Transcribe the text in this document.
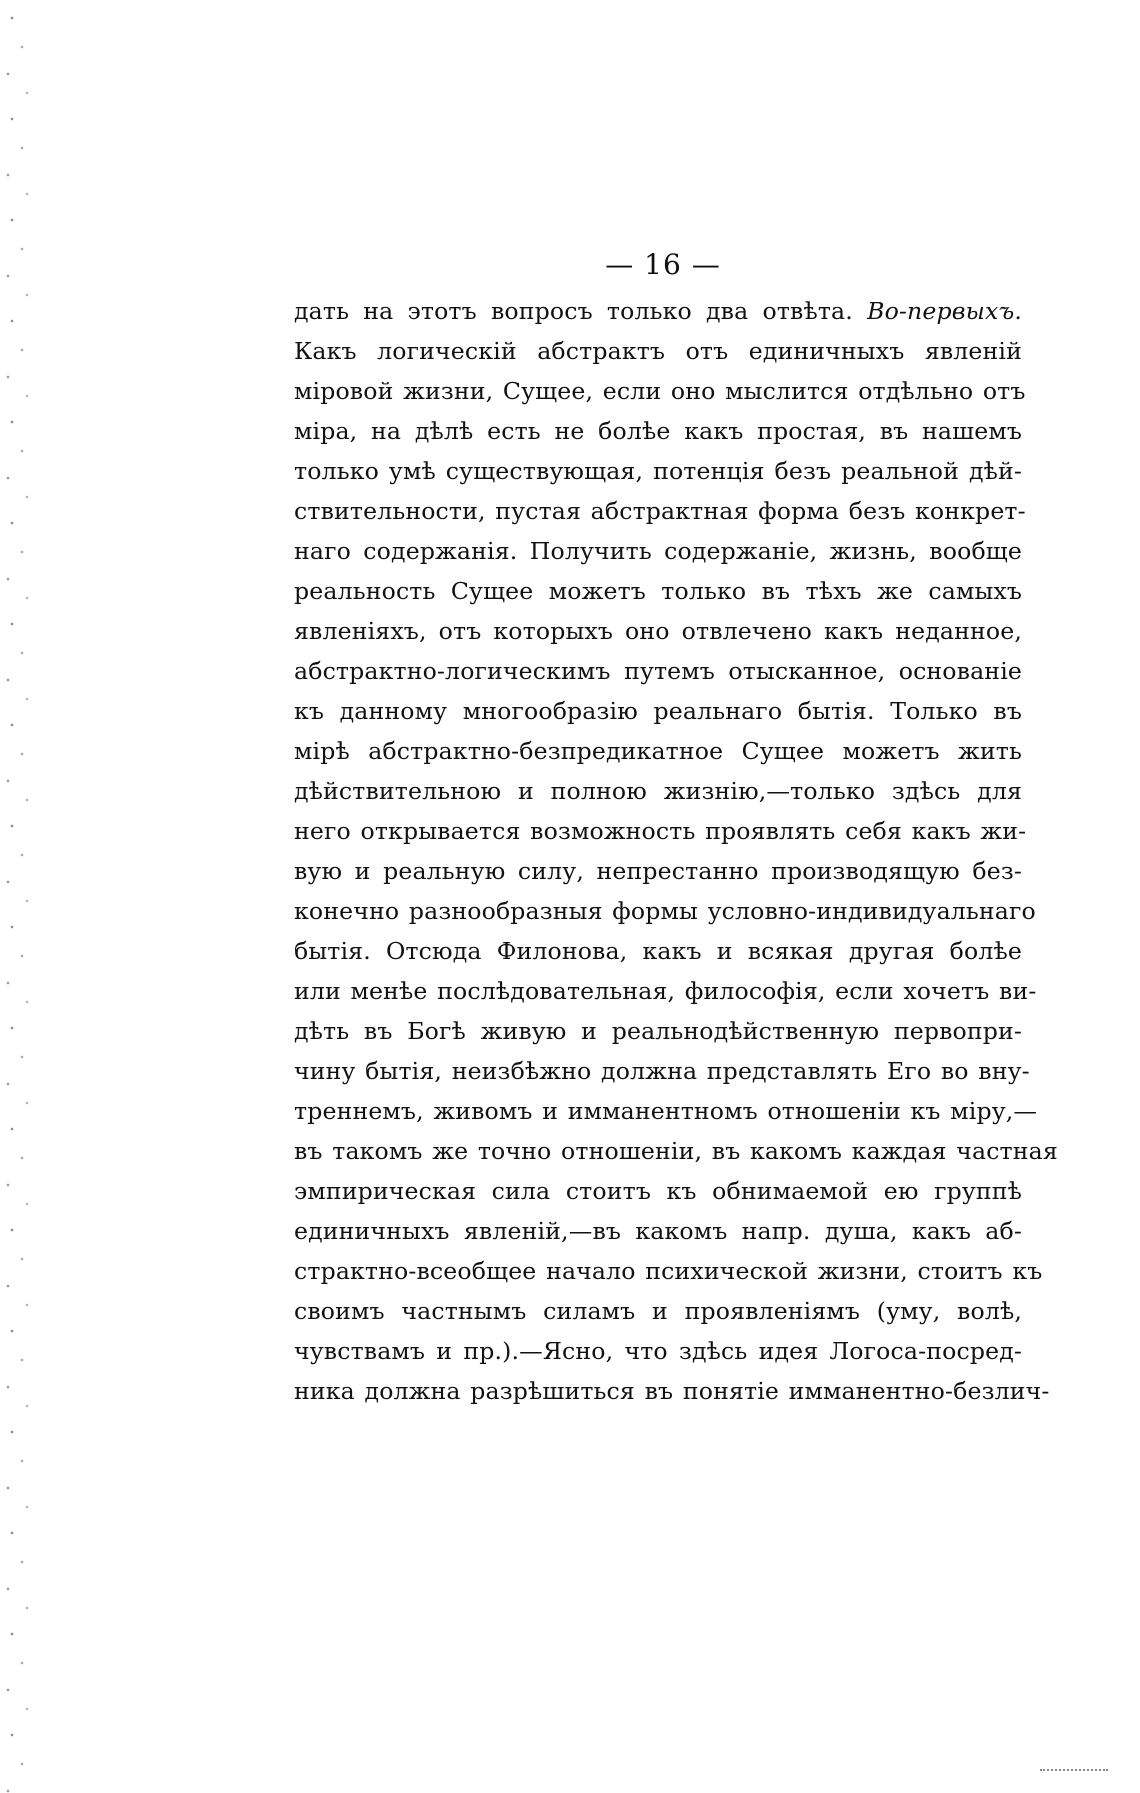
— 16 —
дать на этотъ вопросъ только два отвѣта. Во-первыхъ.
Какъ логическій абстрактъ отъ единичныхъ явленій
міровой жизни, Сущее, если оно мыслится отдѣльно отъ
міра, на дѣлѣ есть не болѣе какъ простая, въ нашемъ
только умѣ существующая, потенція безъ реальной дѣй-
ствительности, пустая абстрактная форма безъ конкрет-
наго содержанія. Получить содержаніе, жизнь, вообще
реальность Сущее можетъ только въ тѣхъ же самыхъ
явленіяхъ, отъ которыхъ оно отвлечено какъ неданное,
абстрактно-логическимъ путемъ отысканное, основаніе
къ данному многообразію реальнаго бытія. Только въ
мірѣ абстрактно-безпредикатное Сущее можетъ жить
дѣйствительною и полною жизнію,—только здѣсь для
него открывается возможность проявлять себя какъ жи-
вую и реальную силу, непрестанно производящую без-
конечно разнообразныя формы условно-индивидуальнаго
бытія. Отсюда Филонова, какъ и всякая другая болѣе
или менѣе послѣдовательная, философія, если хочетъ ви-
дѣть въ Богѣ живую и реальнодѣйственную первопри-
чину бытія, неизбѣжно должна представлять Его во вну-
треннемъ, живомъ и имманентномъ отношеніи къ міру,—
въ такомъ же точно отношеніи, въ какомъ каждая частная
эмпирическая сила стоитъ къ обнимаемой ею группѣ
единичныхъ явленій,—въ какомъ напр. душа, какъ аб-
страктно-всеобщее начало психической жизни, стоитъ къ
своимъ частнымъ силамъ и проявленіямъ (уму, волѣ,
чувствамъ и пр.).—Ясно, что здѣсь идея Логоса-посред-
ника должна разрѣшиться въ понятіе имманентно-безлич-
